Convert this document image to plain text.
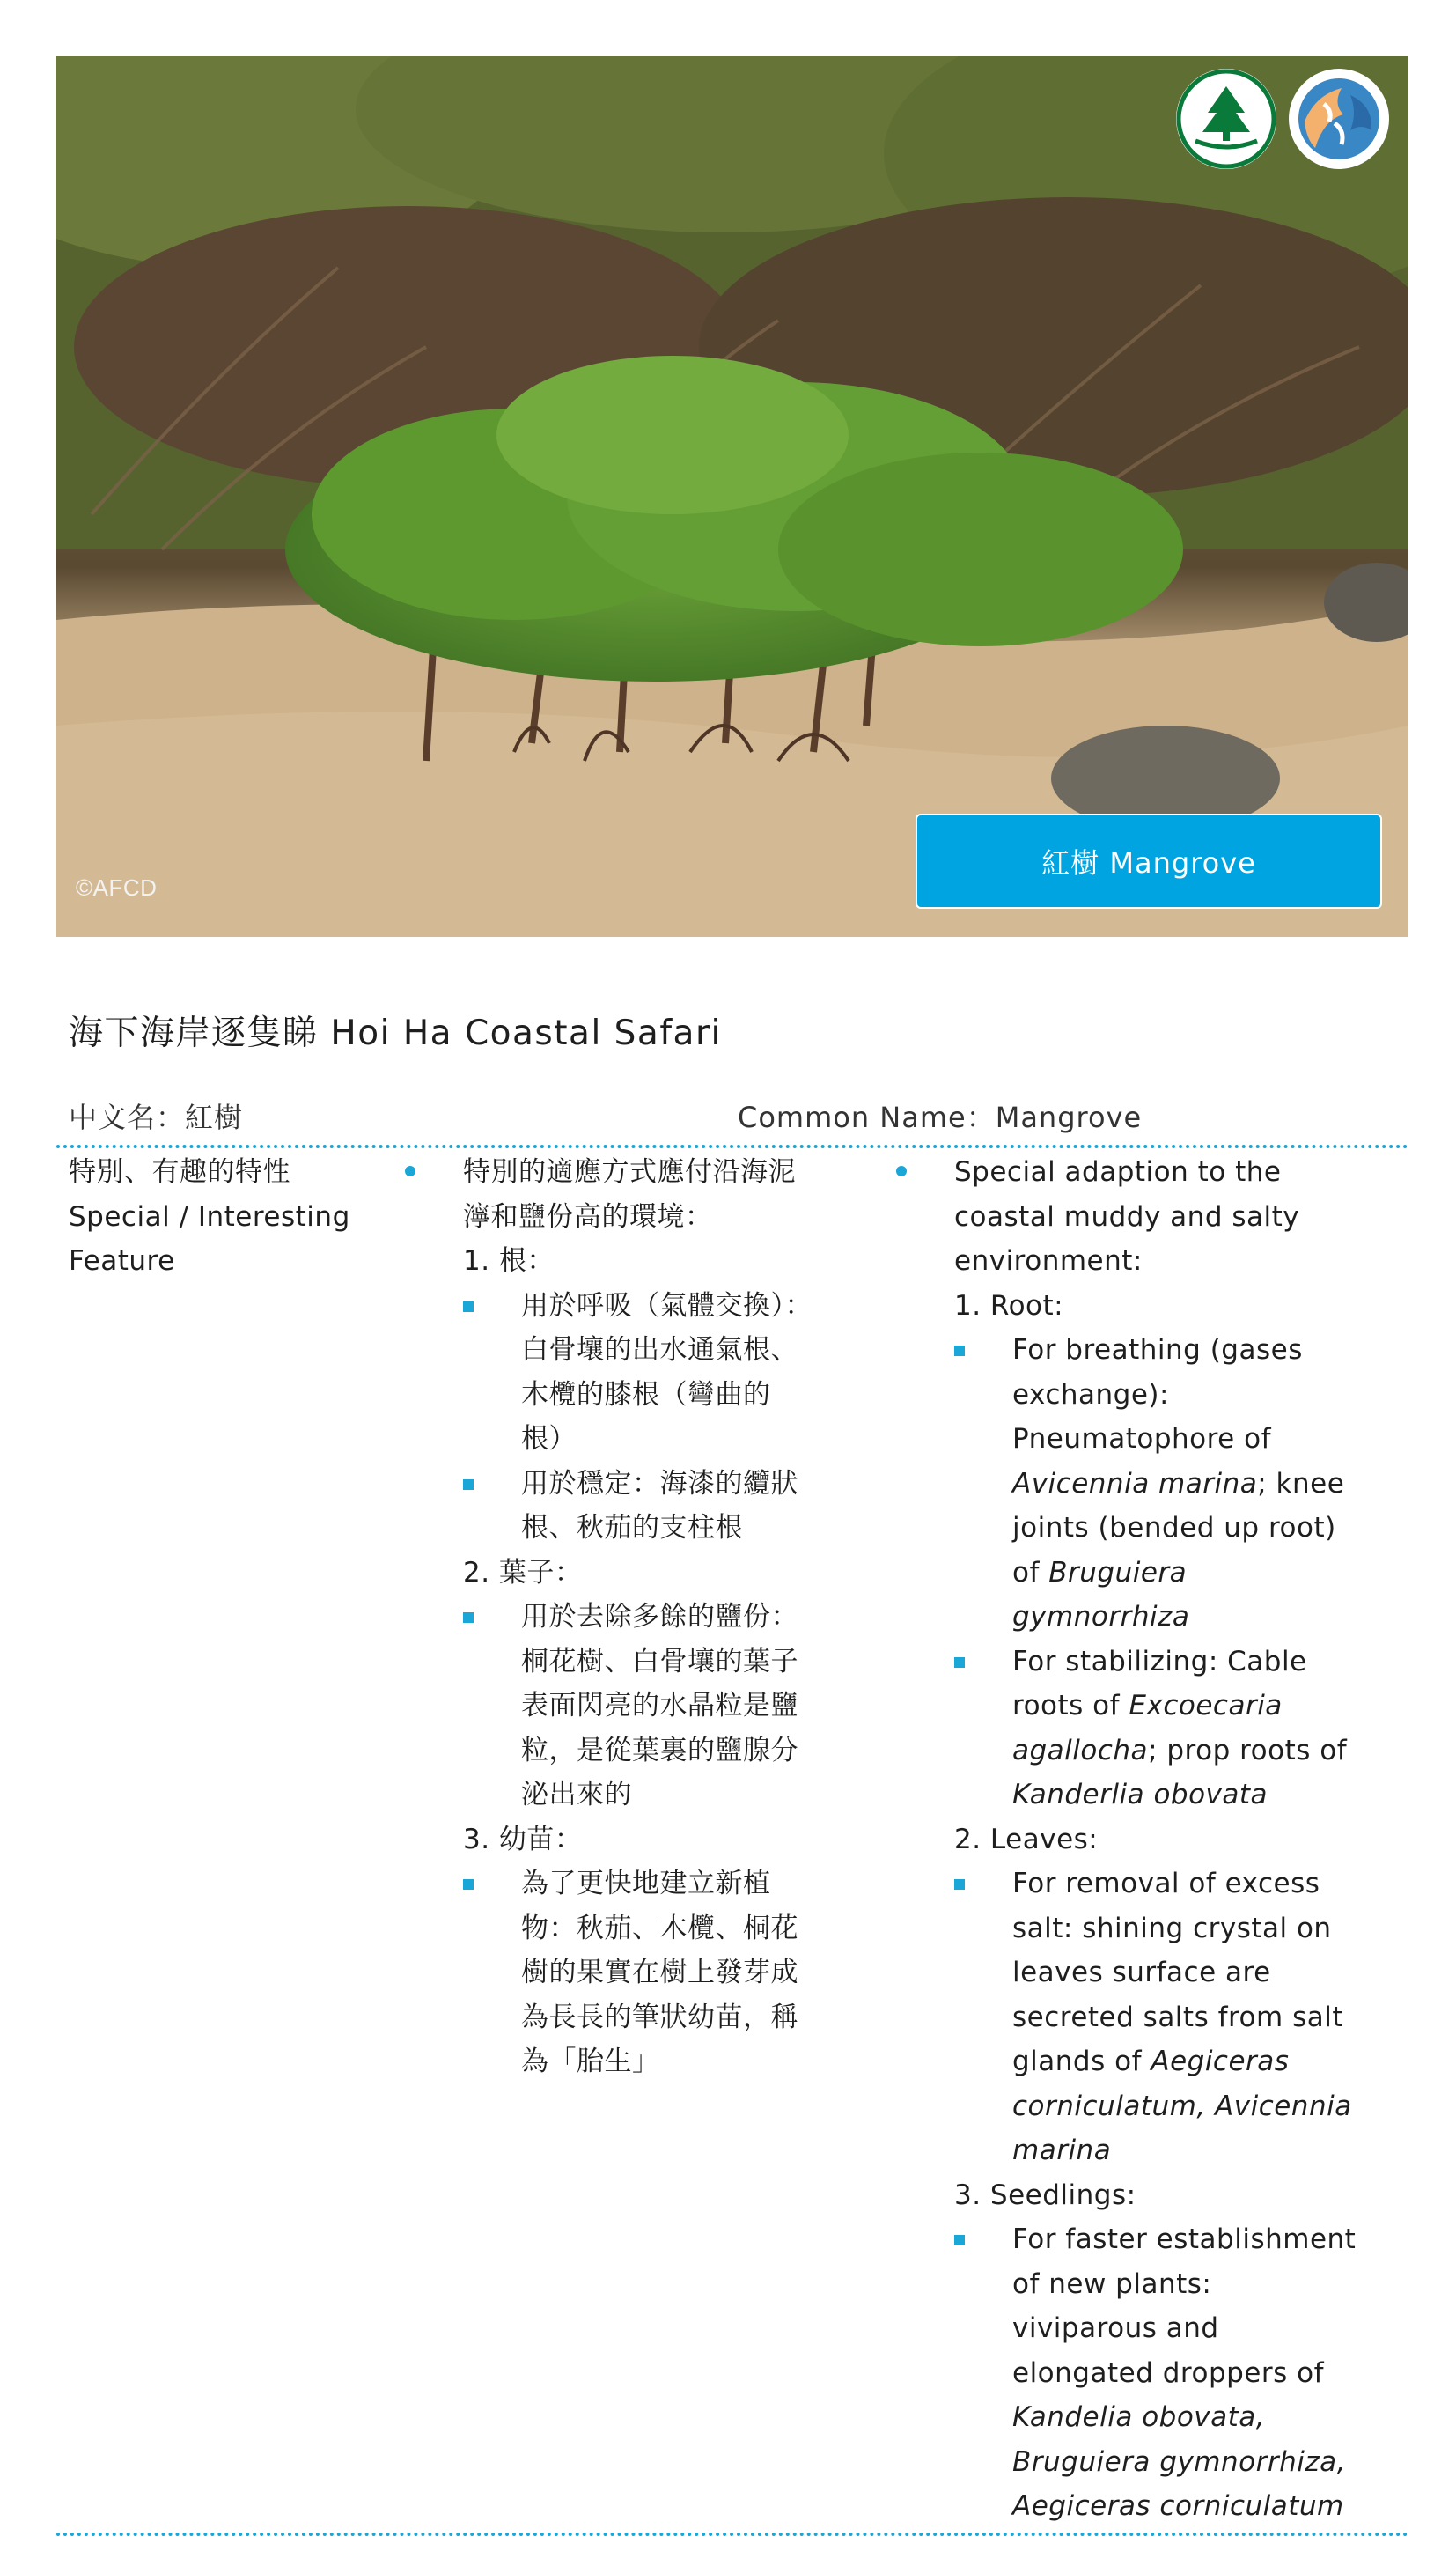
©AFCD
紅樹 Mangrove
海下海岸逐隻睇 Hoi Ha Coastal Safari
中文名：紅樹	Common Name：Mangrove
特別、有趣的特性
Special / Interesting
Feature
特別的適應方式應付沿海泥
濘和鹽份高的環境：
1. 根：
用於呼吸（氣體交換）：
白骨壤的出水通氣根、
木欖的膝根（彎曲的
根）
用於穩定：海漆的纜狀
根、秋茄的支柱根
2. 葉子：
用於去除多餘的鹽份：
桐花樹、白骨壤的葉子
表面閃亮的水晶粒是鹽
粒，是從葉裏的鹽腺分
泌出來的
3. 幼苗：
為了更快地建立新植
物：秋茄、木欖、桐花
樹的果實在樹上發芽成
為長長的筆狀幼苗，稱
為「胎生」
Special adaption to the
coastal muddy and salty
environment:
1. Root:
For breathing (gases
exchange):
Pneumatophore of
Avicennia marina; knee
joints (bended up root)
of Bruguiera
gymnorrhiza
For stabilizing: Cable
roots of Excoecaria
agallocha; prop roots of
Kanderlia obovata
2. Leaves:
For removal of excess
salt: shining crystal on
leaves surface are
secreted salts from salt
glands of Aegiceras
corniculatum, Avicennia
marina
3. Seedlings:
For faster establishment
of new plants:
viviparous and
elongated droppers of
Kandelia obovata,
Bruguiera gymnorrhiza,
Aegiceras corniculatum
